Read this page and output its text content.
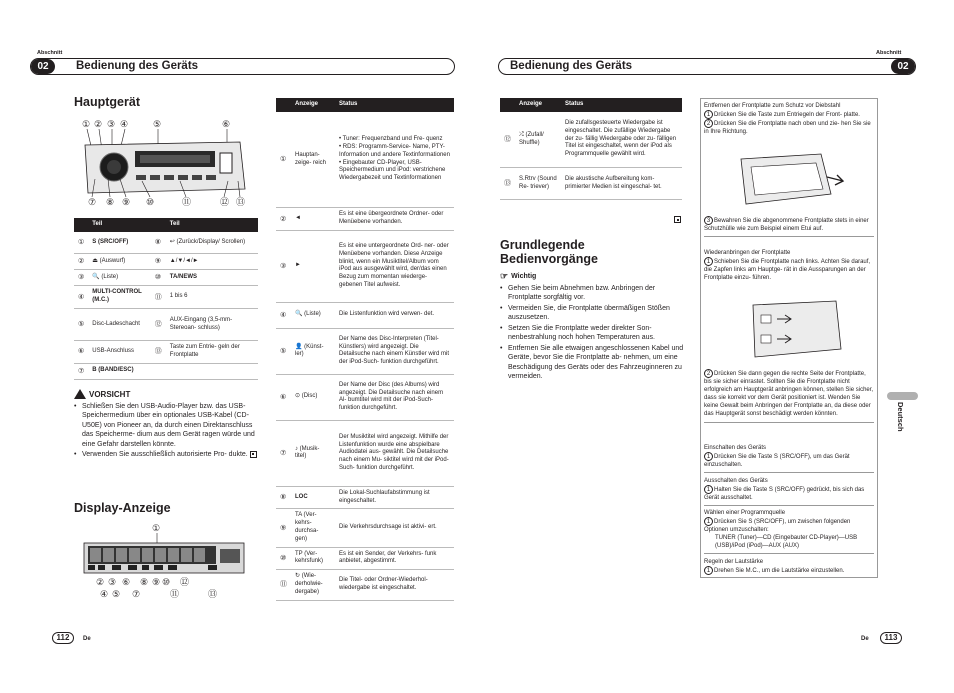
Abschnitt
02	Bedienung des Geräts
Hauptgerät
① ② ③ ④	⑤	⑥
⑦ ⑧ ⑨ ⑩	⑪	⑫ ⑬
	Teil		Teil
①	S (SRC/OFF)	⑧	↩ (Zurück/Display/ Scrollen)
②	⏏ (Auswurf)	⑨	▲/▼/◄/►
③	🔍 (Liste)	⑩	TA/NEWS
④	MULTI-CONTROL (M.C.)	⑪	1 bis 6
⑤	Disc-Ladeschacht	⑫	AUX-Eingang (3,5-mm-Stereoan- schluss)
⑥	USB-Anschluss	⑬	Taste zum Entrie- geln der Frontplatte
⑦	B (BAND/ESC)		
VORSICHT
• Schließen Sie den USB-Audio-Player bzw. das USB-Speichermedium über ein optionales USB-Kabel (CD-U50E) von Pioneer an, da durch einen Direktanschluss das Speicherme- dium aus dem Gerät ragen würde und eine Gefahr darstellen könnte.
• Verwenden Sie ausschließlich autorisierte Pro- dukte.
Display-Anzeige
①
② ③ ⑥ ⑧ ⑨ ⑩ ⑫
④ ⑤ ⑦	⑪	⑬
	Anzeige	Status
①	Hauptan- zeige- reich	• Tuner: Frequenzband und Fre- quenz
• RDS: Programm-Service- Name, PTY-Information und andere Textinformationen
• Eingebauter CD-Player, USB- Speichermedium und iPod: verstrichene Wiedergabezeit und Textinformationen
②	◄	Es ist eine übergeordnete Ordner- oder Menüebene vorhanden.
③	►	Es ist eine untergeordnete Ord- ner- oder Menüebene vorhanden. Diese Anzeige blinkt, wenn ein Musiktitel/Album vom iPod aus ausgewählt wird, der/das einen Bezug zum momentan wiederge- gebenen Titel aufweist.
④	🔍 (Liste)	Die Listenfunktion wird verwen- det.
⑤	👤 (Künst- ler)	Der Name des Disc-Interpreten (Titel-Künstlers) wird angezeigt. Die Detailsuche nach einem Künstler wird mit der iPod-Such- funktion durchgeführt.
⑥	⊙ (Disc)	Der Name der Disc (des Albums) wird angezeigt. Die Detailsuche nach einem Al- bumtitel wird mit der iPod-Such- funktion durchgeführt.
⑦	♪ (Musik- titel)	Der Musiktitel wird angezeigt. Mithilfe der Listenfunktion wurde eine abspielbare Audiodatei aus- gewählt. Die Detailsuche nach einem Mu- siktitel wird mit der iPod-Such- funktion durchgeführt.
⑧	LOC	Die Lokal-Suchlaufabstimmung ist eingeschaltet.
⑨	TA (Ver- kehrs- durchsa- gen)	Die Verkehrsdurchsage ist aktivi- ert.
⑩	TP (Ver- kehrsfunk)	Es ist ein Sender, der Verkehrs- funk anbietet, abgestimmt.
⑪	↻ (Wie- derholwie- dergabe)	Die Titel- oder Ordner-Wiederhol- wiedergabe ist eingeschaltet.
112	De
Abschnitt
02
Bedienung des Geräts
	Anzeige	Status
⑫	⤮ (Zufall/ Shuffle)	Die zufallsgesteuerte Wiedergabe ist eingeschaltet. Die zufällige Wiedergabe der zu- fällig Wiedergabe oder zu- fälligen Titel ist eingeschaltet, wenn der iPod als Programmquelle gewählt wird.
⑬	S.Rtrv (Sound Re- triever)	Die akustische Aufbereitung kom- primierter Medien ist eingeschal- tet.
Grundlegende
Bedienvorgänge
☞ Wichtig
• Gehen Sie beim Abnehmen bzw. Anbringen der Frontplatte sorgfältig vor.
• Vermeiden Sie, die Frontplatte übermäßigen Stößen auszusetzen.
• Setzen Sie die Frontplatte weder direkter Son- nenbestrahlung noch hohen Temperaturen aus.
• Entfernen Sie alle etwaigen angeschlossenen Kabel und Geräte, bevor Sie die Frontplatte ab- nehmen, um eine Beschädigung des Geräts oder des Fahrzeuginneren zu vermeiden.
Entfernen der Frontplatte zum Schutz vor Diebstahl
1 Drücken Sie die Taste zum Entriegeln der Front- platte.
2 Drücken Sie die Frontplatte nach oben und zie- hen Sie sie in Ihre Richtung.
3 Bewahren Sie die abgenommene Frontplatte stets in einer Schutzhülle wie zum Beispiel einem Etui auf.
Wiederanbringen der Frontplatte
1 Schieben Sie die Frontplatte nach links. Achten Sie darauf, die Zapfen links am Hauptge- rät in die Aussparungen an der Frontplatte einzu- führen.
2 Drücken Sie dann gegen die rechte Seite der Frontplatte, bis sie sicher einrastet. Sollten Sie die Frontplatte nicht erfolgreich am Hauptgerät anbringen können, stellen Sie sicher, dass sie korrekt vor dem Gerät positioniert ist. Wenden Sie keine Gewalt beim Anbringen der Frontplatte an, da diese oder das Hauptgerät sonst beschädigt werden könnten.
Einschalten des Geräts
1 Drücken Sie die Taste S (SRC/OFF), um das Gerät einzuschalten.
Ausschalten des Geräts
1 Halten Sie die Taste S (SRC/OFF) gedrückt, bis sich das Gerät ausschaltet.
Wählen einer Programmquelle
1 Drücken Sie S (SRC/OFF), um zwischen folgenden Optionen umzuschalten:
TUNER (Tuner)—CD (Eingebauter CD-Player)—USB (USB)/iPod (iPod)—AUX (AUX)
Regeln der Lautstärke
1 Drehen Sie M.C., um die Lautstärke einzustellen.
Deutsch
De	113
